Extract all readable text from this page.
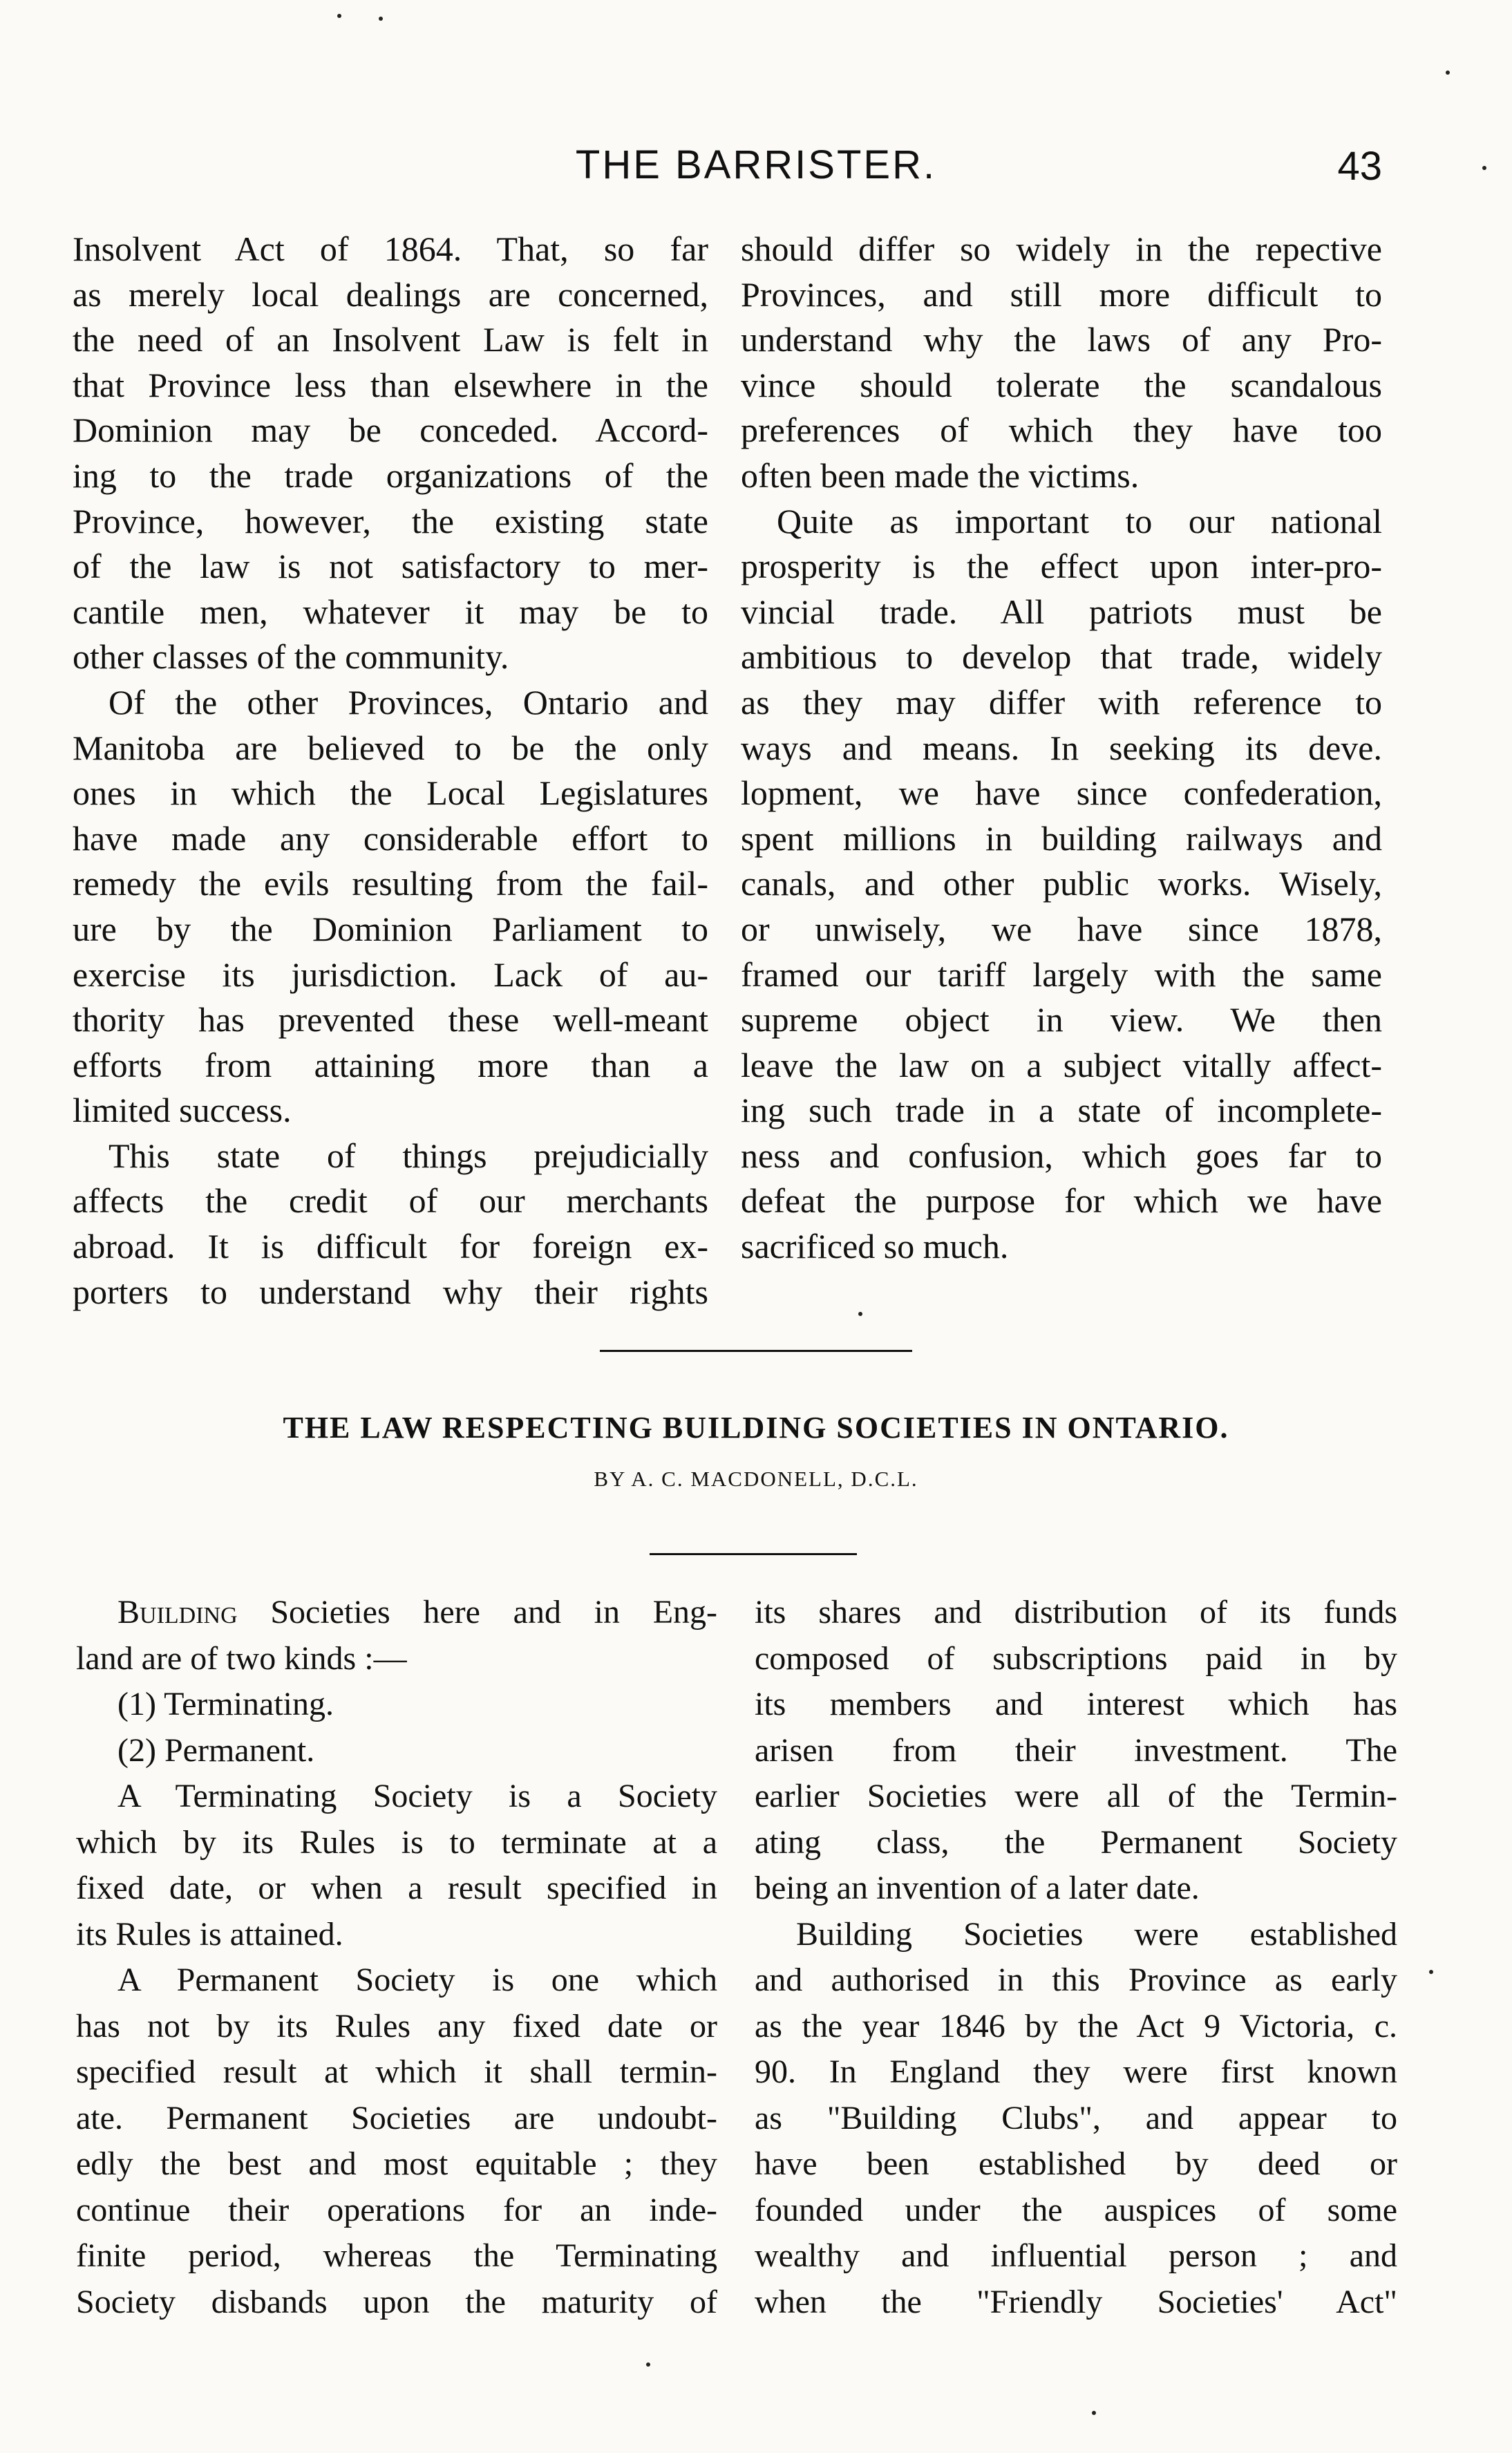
THE BARRISTER.	43
Insolvent Act of 1864. That, so far
as merely local dealings are concerned,
the need of an Insolvent Law is felt in
that Province less than elsewhere in the
Dominion may be conceded. Accord-
ing to the trade organizations of the
Province, however, the existing state
of the law is not satisfactory to mer-
cantile men, whatever it may be to
other classes of the community.
Of the other Provinces, Ontario and
Manitoba are believed to be the only
ones in which the Local Legislatures
have made any considerable effort to
remedy the evils resulting from the fail-
ure by the Dominion Parliament to
exercise its jurisdiction. Lack of au-
thority has prevented these well-meant
efforts from attaining more than a
limited success.
This state of things prejudicially
affects the credit of our merchants
abroad. It is difficult for foreign ex-
porters to understand why their rights
should differ so widely in the repective
Provinces, and still more difficult to
understand why the laws of any Pro-
vince should tolerate the scandalous
preferences of which they have too
often been made the victims.
Quite as important to our national
prosperity is the effect upon inter-pro-
vincial trade. All patriots must be
ambitious to develop that trade, widely
as they may differ with reference to
ways and means. In seeking its deve.
lopment, we have since confederation,
spent millions in building railways and
canals, and other public works. Wisely,
or unwisely, we have since 1878,
framed our tariff largely with the same
supreme object in view. We then
leave the law on a subject vitally affect-
ing such trade in a state of incomplete-
ness and confusion, which goes far to
defeat the purpose for which we have
sacrificed so much.
THE LAW RESPECTING BUILDING SOCIETIES IN ONTARIO.
BY A. C. MACDONELL, D.C.L.
Building Societies here and in Eng-
land are of two kinds :—
(1) Terminating.
(2) Permanent.
A Terminating Society is a Society
which by its Rules is to terminate at a
fixed date, or when a result specified in
its Rules is attained.
A Permanent Society is one which
has not by its Rules any fixed date or
specified result at which it shall termin-
ate. Permanent Societies are undoubt-
edly the best and most equitable ; they
continue their operations for an inde-
finite period, whereas the Terminating
Society disbands upon the maturity of
its shares and distribution of its funds
composed of subscriptions paid in by
its members and interest which has
arisen from their investment. The
earlier Societies were all of the Termin-
ating class, the Permanent Society
being an invention of a later date.
Building Societies were established
and authorised in this Province as early
as the year 1846 by the Act 9 Victoria, c.
90. In England they were first known
as "Building Clubs", and appear to
have been established by deed or
founded under the auspices of some
wealthy and influential person ; and
when the "Friendly Societies' Act"
